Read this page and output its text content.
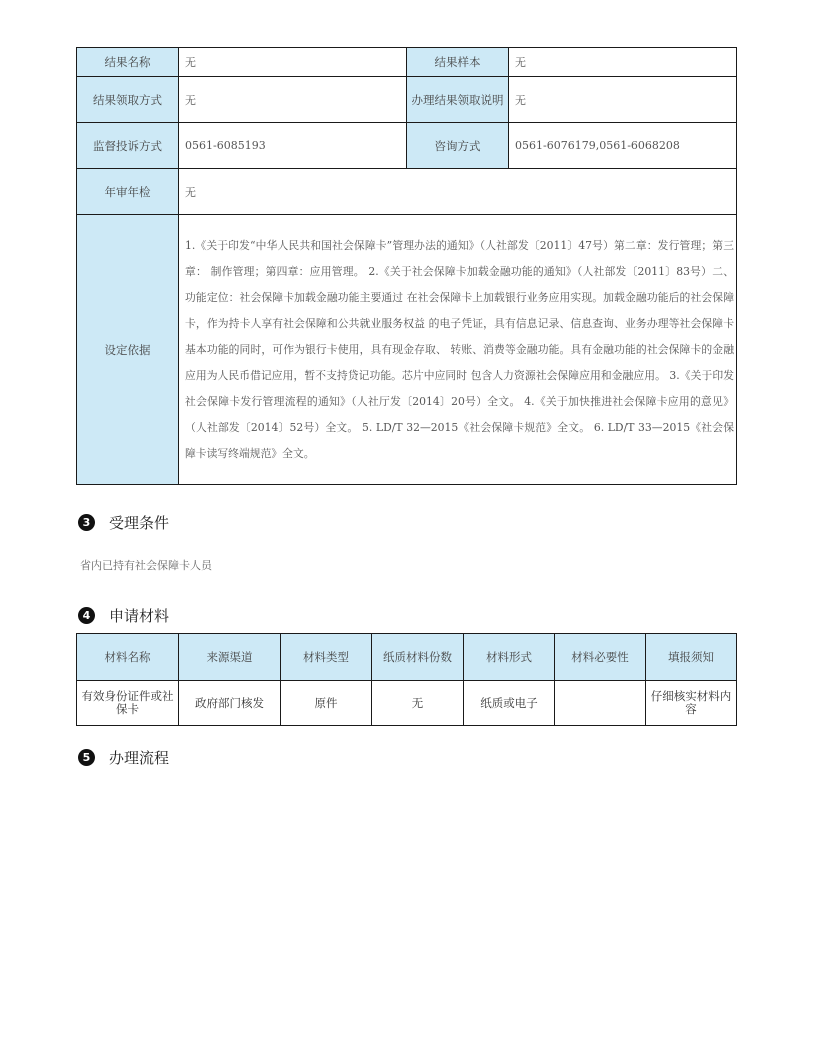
结果名称	无	结果样本	无
结果领取方式	无	办理结果领取说明	无
监督投诉方式	0561-6085193	咨询方式	0561-6076179,0561-6068208
年审年检	无		
设定依据	1.《关于印发“中华人民共和国社会保障卡”管理办法的通知》（人社部发〔2011〕47号）第二章：发行管理；第三章： 制作管理；第四章：应用管理。 2.《关于社会保障卡加载金融功能的通知》（人社部发〔2011〕83号）二、功能定位：社会保障卡加载金融功能主要通过 在社会保障卡上加载银行业务应用实现。加载金融功能后的社会保障卡，作为持卡人享有社会保障和公共就业服务权益 的电子凭证，具有信息记录、信息查询、业务办理等社会保障卡基本功能的同时，可作为银行卡使用，具有现金存取、 转账、消费等金融功能。具有金融功能的社会保障卡的金融应用为人民币借记应用，暂不支持贷记功能。芯片中应同时 包含人力资源社会保障应用和金融应用。 3.《关于印发社会保障卡发行管理流程的通知》（人社厅发〔2014〕20号）全文。 4.《关于加快推进社会保障卡应用的意见》（人社部发〔2014〕52号）全文。 5. LD/T 32—2015《社会保障卡规范》全文。 6. LD/T 33—2015《社会保障卡读写终端规范》全文。		
3	受理条件
省内已持有社会保障卡人员
4	申请材料
材料名称	来源渠道	材料类型	纸质材料份数	材料形式	材料必要性	填报须知
有效身份证件或社保卡	政府部门核发	原件	无	纸质或电子		仔细核实材料内容
5	办理流程
